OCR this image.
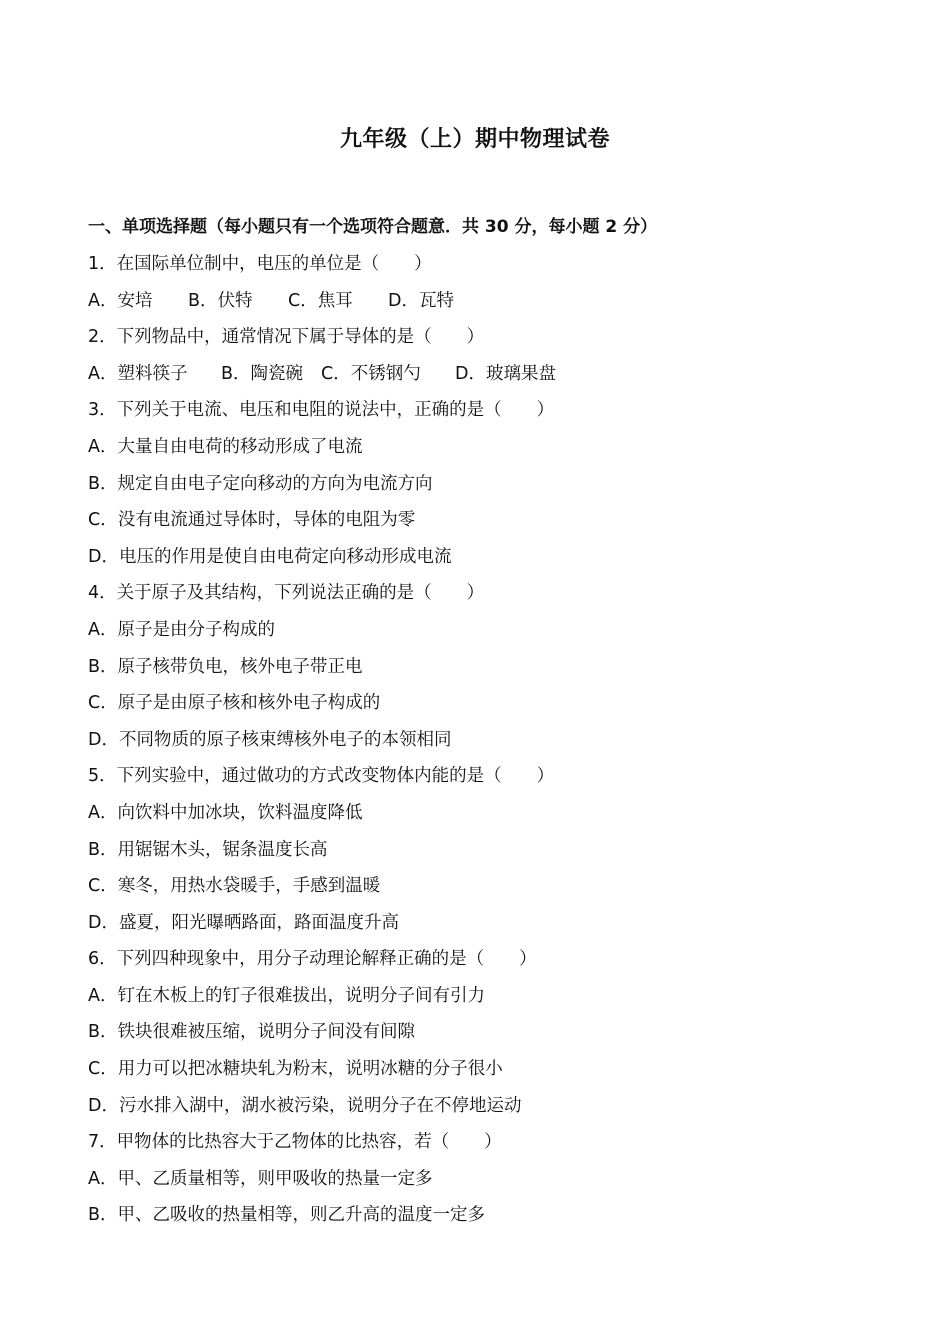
九年级（上）期中物理试卷
一、单项选择题（每小题只有一个选项符合题意．共 30 分，每小题 2 分）
1．在国际单位制中，电压的单位是（　　）
A．安培 B．伏特 C．焦耳 D．瓦特
2．下列物品中，通常情况下属于导体的是（　　）
A．塑料筷子 B．陶瓷碗 C．不锈钢勺 D．玻璃果盘
3．下列关于电流、电压和电阻的说法中，正确的是（　　）
A．大量自由电荷的移动形成了电流
B．规定自由电子定向移动的方向为电流方向
C．没有电流通过导体时，导体的电阻为零
D．电压的作用是使自由电荷定向移动形成电流
4．关于原子及其结构，下列说法正确的是（　　）
A．原子是由分子构成的
B．原子核带负电，核外电子带正电
C．原子是由原子核和核外电子构成的
D．不同物质的原子核束缚核外电子的本领相同
5．下列实验中，通过做功的方式改变物体内能的是（　　）
A．向饮料中加冰块，饮料温度降低
B．用锯锯木头，锯条温度长高
C．寒冬，用热水袋暖手，手感到温暖
D．盛夏，阳光曝晒路面，路面温度升高
6．下列四种现象中，用分子动理论解释正确的是（　　）
A．钉在木板上的钉子很难拔出，说明分子间有引力
B．铁块很难被压缩，说明分子间没有间隙
C．用力可以把冰糖块轧为粉末，说明冰糖的分子很小
D．污水排入湖中，湖水被污染，说明分子在不停地运动
7．甲物体的比热容大于乙物体的比热容，若（　　）
A．甲、乙质量相等，则甲吸收的热量一定多
B．甲、乙吸收的热量相等，则乙升高的温度一定多
